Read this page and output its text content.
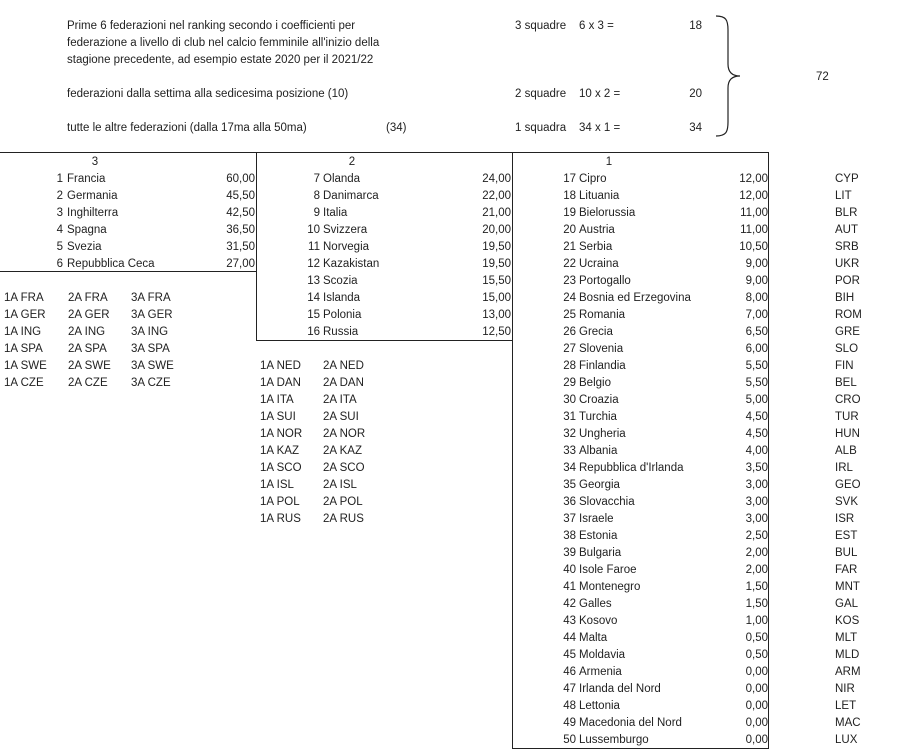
Prime 6 federazioni nel ranking secondo i coefficienti per
federazione a livello di club nel calcio femminile all'inizio della
stagione precedente, ad esempio estate 2020 per il 2021/22
federazioni dalla settima alla sedicesima posizione (10)
tutte le altre federazioni (dalla 17ma alla 50ma)	(34)
3 squadre 6 x 3 =	18
2 squadre 10 x 2 =	20
1 squadra 34 x 1 =	34
72
3	2	1
1 Francia	60,00
2 Germania	45,50
3 Inghilterra	42,50
4 Spagna	36,50
5 Svezia	31,50
6 Repubblica Ceca	27,00
7 Olanda	24,00
8 Danimarca	22,00
9 Italia	21,00
10 Svizzera	20,00
11 Norvegia	19,50
12 Kazakistan	19,50
13 Scozia	15,50
14 Islanda	15,00
15 Polonia	13,00
16 Russia	12,50
17 Cipro	12,00	CYP
18 Lituania	12,00	LIT
19 Bielorussia	11,00	BLR
20 Austria	11,00	AUT
21 Serbia	10,50	SRB
22 Ucraina	9,00	UKR
23 Portogallo	9,00	POR
24 Bosnia ed Erzegovina	8,00	BIH
25 Romania	7,00	ROM
26 Grecia	6,50	GRE
27 Slovenia	6,00	SLO
28 Finlandia	5,50	FIN
29 Belgio	5,50	BEL
30 Croazia	5,00	CRO
31 Turchia	4,50	TUR
32 Ungheria	4,50	HUN
33 Albania	4,00	ALB
34 Repubblica d'Irlanda	3,50	IRL
35 Georgia	3,00	GEO
36 Slovacchia	3,00	SVK
37 Israele	3,00	ISR
38 Estonia	2,50	EST
39 Bulgaria	2,00	BUL
40 Isole Faroe	2,00	FAR
41 Montenegro	1,50	MNT
42 Galles	1,50	GAL
43 Kosovo	1,00	KOS
44 Malta	0,50	MLT
45 Moldavia	0,50	MLD
46 Armenia	0,00	ARM
47 Irlanda del Nord	0,00	NIR
48 Lettonia	0,00	LET
49 Macedonia del Nord	0,00	MAC
50 Lussemburgo	0,00	LUX
1A FRA 2A FRA 3A FRA
1A GER 2A GER 3A GER
1A ING 2A ING 3A ING
1A SPA 2A SPA 3A SPA
1A SWE 2A SWE 3A SWE
1A CZE 2A CZE 3A CZE
1A NED 2A NED
1A DAN 2A DAN
1A ITA	2A ITA
1A SUI 2A SUI
1A NOR 2A NOR
1A KAZ 2A KAZ
1A SCO 2A SCO
1A ISL	2A ISL
1A POL 2A POL
1A RUS 2A RUS
